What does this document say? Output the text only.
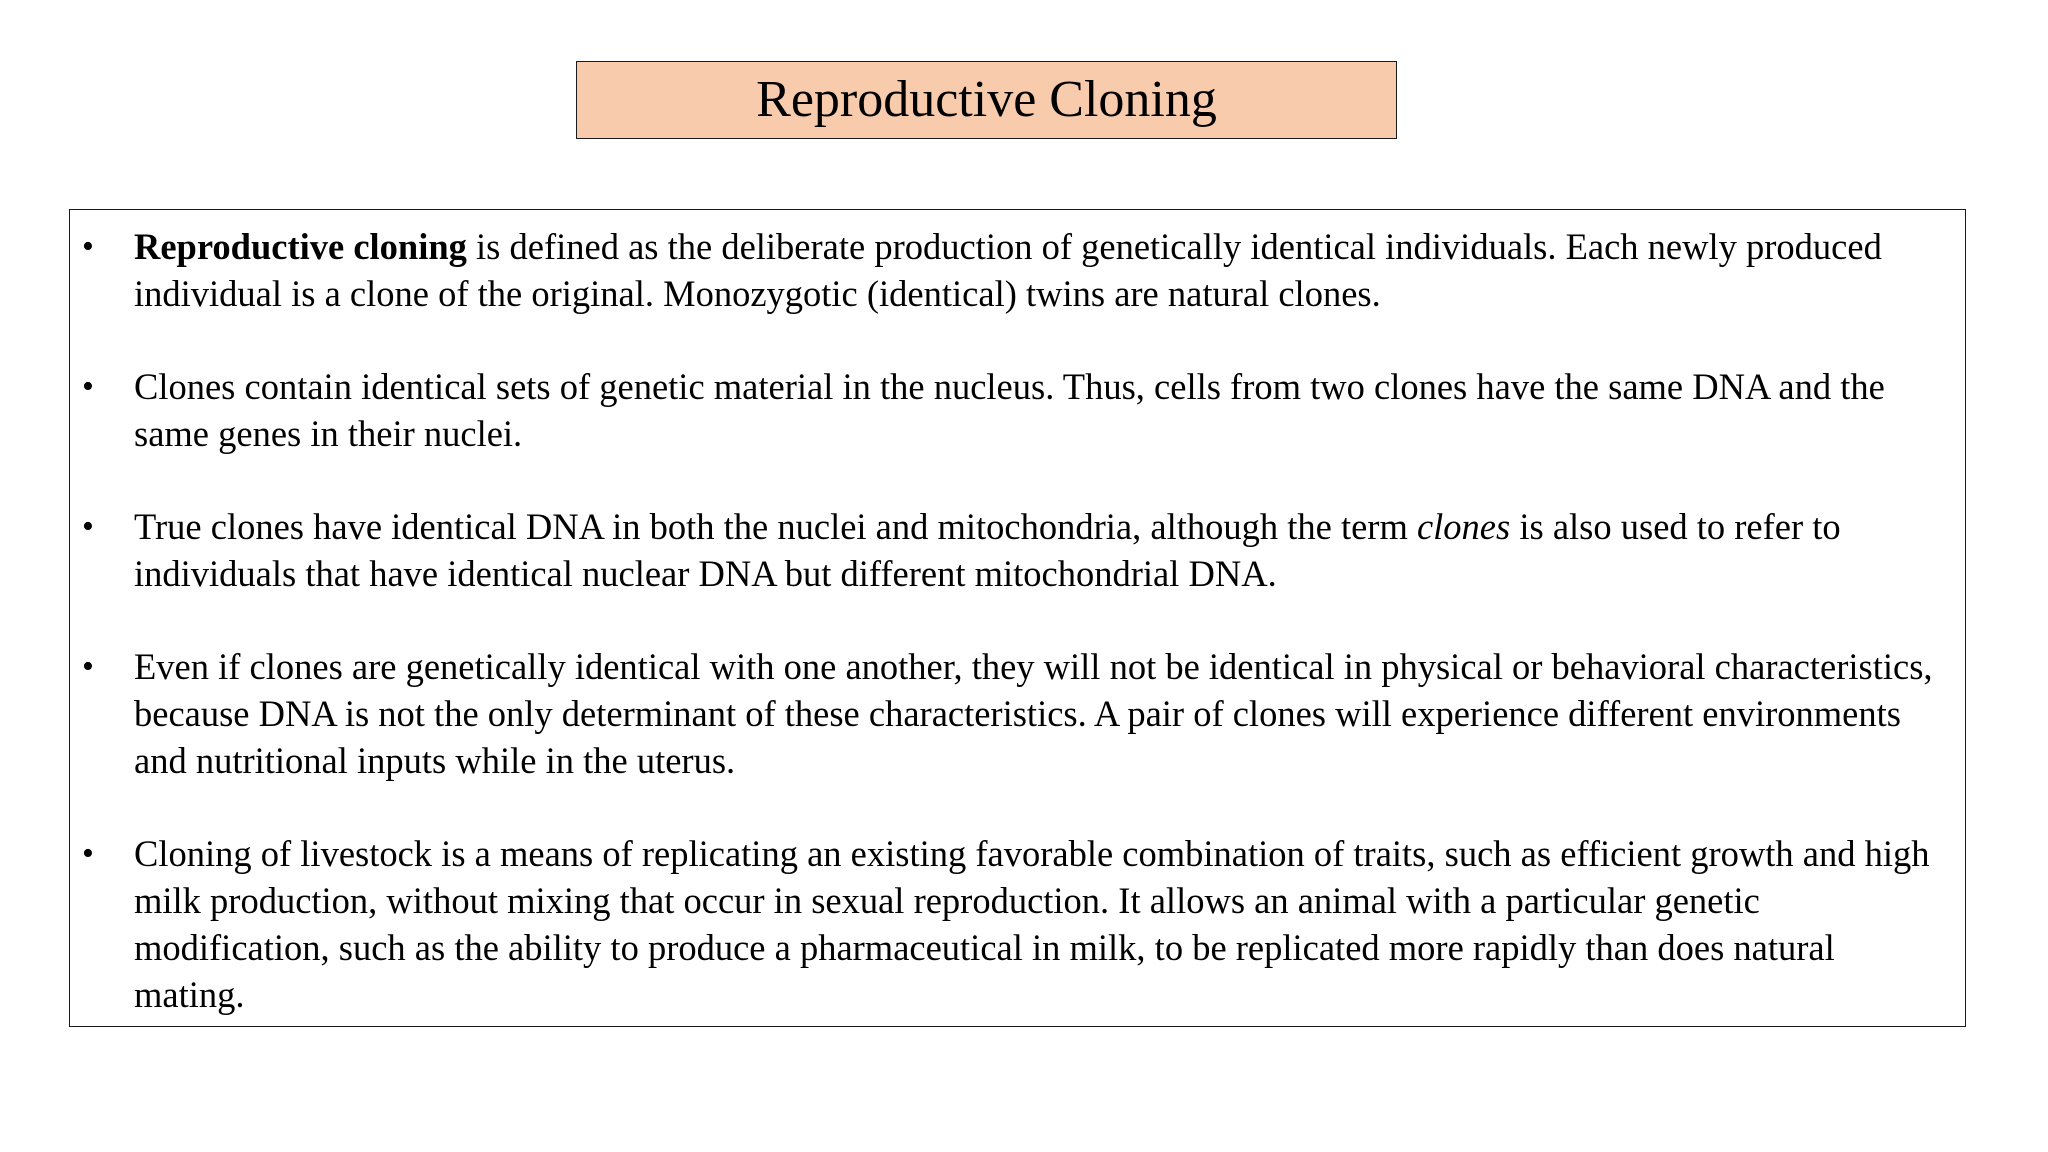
Reproductive Cloning
•	Reproductive cloning is defined as the deliberate production of genetically identical individuals. Each newly produced individual is a clone of the original. Monozygotic (identical) twins are natural clones.
•	Clones contain identical sets of genetic material in the nucleus. Thus, cells from two clones have the same DNA and the same genes in their nuclei.
•	True clones have identical DNA in both the nuclei and mitochondria, although the term clones is also used to refer to individuals that have identical nuclear DNA but different mitochondrial DNA.
•	Even if clones are genetically identical with one another, they will not be identical in physical or behavioral characteristics, because DNA is not the only determinant of these characteristics. A pair of clones will experience different environments and nutritional inputs while in the uterus.
•	Cloning of livestock is a means of replicating an existing favorable combination of traits, such as efficient growth and high milk production, without mixing that occur in sexual reproduction. It allows an animal with a particular genetic modification, such as the ability to produce a pharmaceutical in milk, to be replicated more rapidly than does natural mating.
